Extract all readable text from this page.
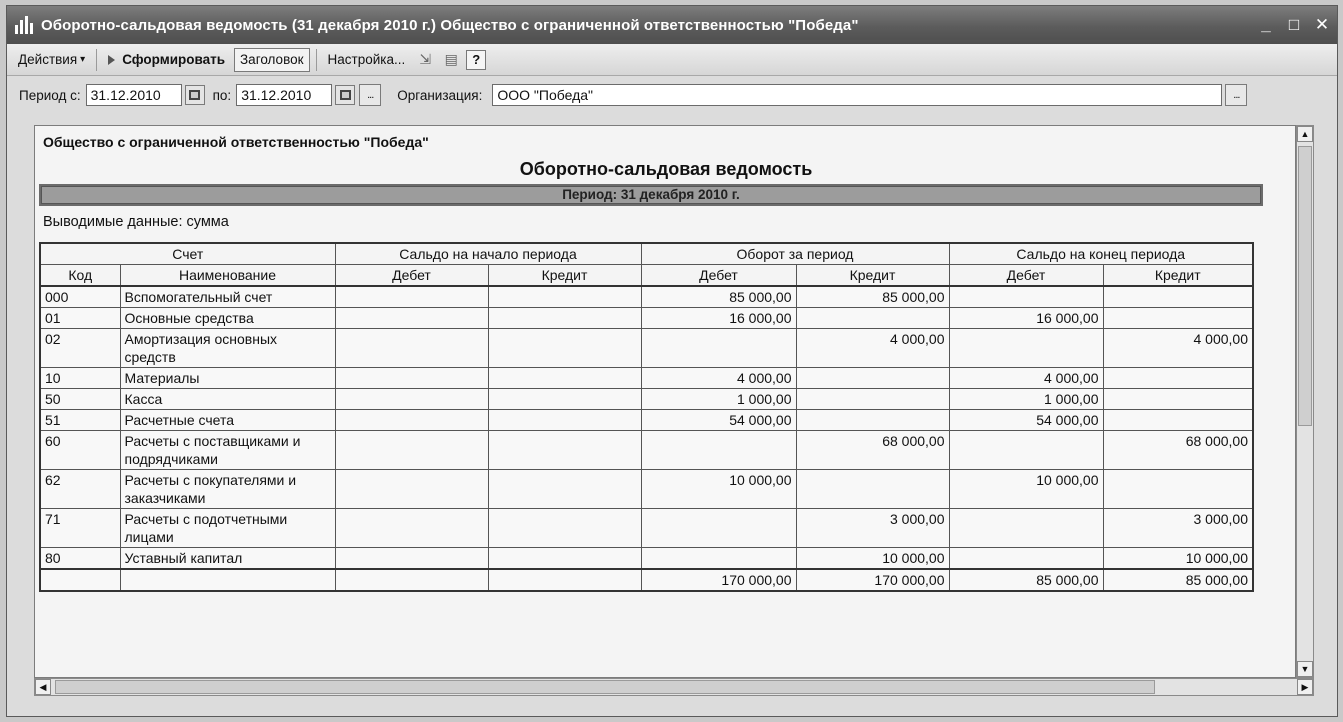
Оборотно-сальдовая ведомость (31 декабря 2010 г.) Общество с ограниченной ответственностью "Победа"	_	□ ✕
Действия ▾	Сформировать	Заголовок	Настройка...	⇲ ▤	?
Период с: 31.12.2010	по: 31.12.2010	...	Организация:	ООО "Победа"	...
Общество с ограниченной ответственностью "Победа"
Оборотно-сальдовая ведомость
Период: 31 декабря 2010 г.
Выводимые данные: сумма
Счет		Сальдо на начало периода		Оборот за период		Сальдо на конец периода	
Код	Наименование	Дебет	Кредит	Дебет	Кредит	Дебет	Кредит
000	Вспомогательный счет			85 000,00	85 000,00		
01	Основные средства			16 000,00		16 000,00	
02	Амортизация основных средств				4 000,00		4 000,00
10	Материалы			4 000,00		4 000,00	
50	Касса			1 000,00		1 000,00	
51	Расчетные счета			54 000,00		54 000,00	
60	Расчеты с поставщиками и подрядчиками				68 000,00		68 000,00
62	Расчеты с покупателями и заказчиками			10 000,00		10 000,00	
71	Расчеты с подотчетными лицами				3 000,00		3 000,00
80	Уставный капитал				10 000,00		10 000,00
				170 000,00	170 000,00	85 000,00	85 000,00
▲
▼
◀	▶
